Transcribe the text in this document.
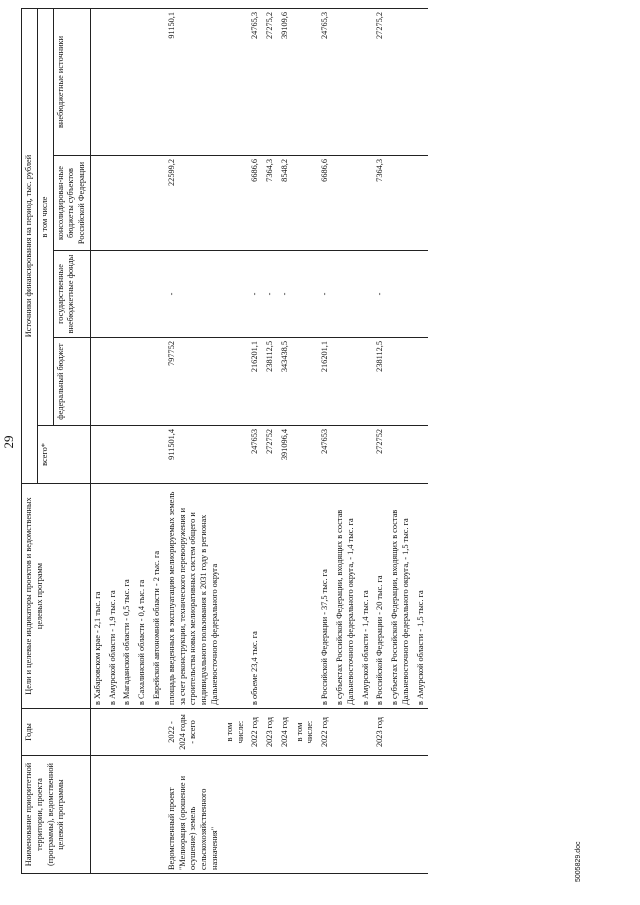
29
Наименование приоритетной территории, проекта (программы), ведомственной целевой программы	Годы	Цели и целевые индикаторы проектов и ведомственных целевых программ	Источники финансирования на период, тыс. рублей				
			всего*	в том числе			
				федеральный бюджет	государственные внебюджетные фонды	консолидирован-ные бюджеты субъектов Российской Федерации	внебюджетные источники
		в Хабаровском крае - 2,1 тыс. га					
		в Амурской области - 1,9 тыс. га					
		в Магаданской области - 0,5 тыс. га					
		в Сахалинской области - 0,4 тыс. га					
		в Еврейской автономной области - 2 тыс. га					
Ведомственный проект "Мелиорация (орошение и осушение) земель сельскохозяйственного назначения"	2022 - 2024 годы - всего	площадь введенных в эксплуатацию мелиорируемых земель за счет реконструкции, технического перевооружения и строительства новых мелиоративных систем общего и индивидуального пользования к 2031 году в регионах Дальневосточного федерального округа	911501,4	797752	-	22599,2	91150,1
	в том числе:						
	2022 год	в объеме 23,4 тыс. га	247653	216201,1	-	6686,6	24765,3
	2023 год		272752	238112,5	-	7364,3	27275,2
	2024 год		391096,4	343438,5	-	8548,2	39109,6
	в том числе:						
	2022 год	в Российской Федерации - 37,5 тыс. га	247653	216201,1	-	6686,6	24765,3
		в субъектах Российской Федерации, входящих в состав Дальневосточного федерального округа, - 1,4 тыс. га					
		в Амурской области - 1,4 тыс. га					
	2023 год	в Российской Федерации - 20 тыс. га	272752	238112,5	-	7364,3	27275,2
		в субъектах Российской Федерации, входящих в состав Дальневосточного федерального округа, - 1,5 тыс. га					
		в Амурской области - 1,5 тыс. га					
5005829.doc
